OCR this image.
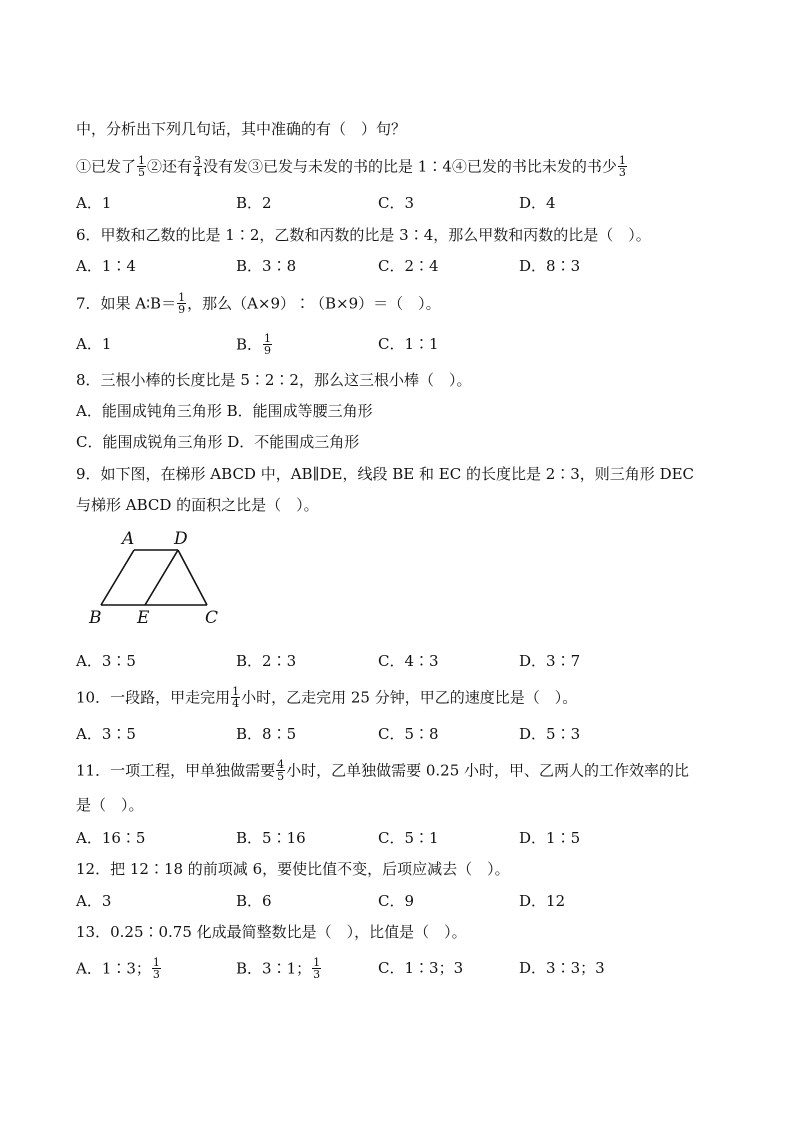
中，分析出下列几句话，其中准确的有（　）句？
①已发了 $\frac{1}{5}$ ②还有 $\frac{3}{4}$ 没有发③已发与未发的书的比是 1∶4④已发的书比未发的书少 $\frac{1}{3}$
A．1	B．2	C．3	D．4
6．甲数和乙数的比是 1∶2，乙数和丙数的比是 3∶4，那么甲数和丙数的比是（　）。
A．1∶4	B．3∶8	C．2∶4	D．8∶3
7．如果 A∶B＝ $\frac{1}{9}$ ，那么（A×9）∶（B×9）＝（　）。
A．1	B． $\frac{1}{9}$	C．1∶1
8．三根小棒的长度比是 5∶2∶2，那么这三根小棒（　）。
A．能围成钝角三角形 B．能围成等腰三角形
C．能围成锐角三角形 D．不能围成三角形
9．如下图，在梯形 ABCD 中，AB∥DE，线段 BE 和 EC 的长度比是 2∶3，则三角形 DEC
与梯形 ABCD 的面积之比是（　）。
A D
B E	C
A．3∶5	B．2∶3	C．4∶3	D．3∶7
10．一段路，甲走完用 $\frac{1}{4}$ 小时，乙走完用 25 分钟，甲乙的速度比是（　）。
A．3∶5	B．8∶5	C．5∶8	D．5∶3
11．一项工程，甲单独做需要 $\frac{4}{5}$ 小时，乙单独做需要 0.25 小时，甲、乙两人的工作效率的比
是（　）。
A．16∶5	B．5∶16	C．5∶1	D．1∶5
12．把 12∶18 的前项减 6，要使比值不变，后项应减去（　）。
A．3	B．6	C．9	D．12
13．0.25∶0.75 化成最简整数比是（　），比值是（　）。
A．1∶3； $\frac{1}{3}$	B．3∶1； $\frac{1}{3}$	C．1∶3；3	D．3∶3；3
